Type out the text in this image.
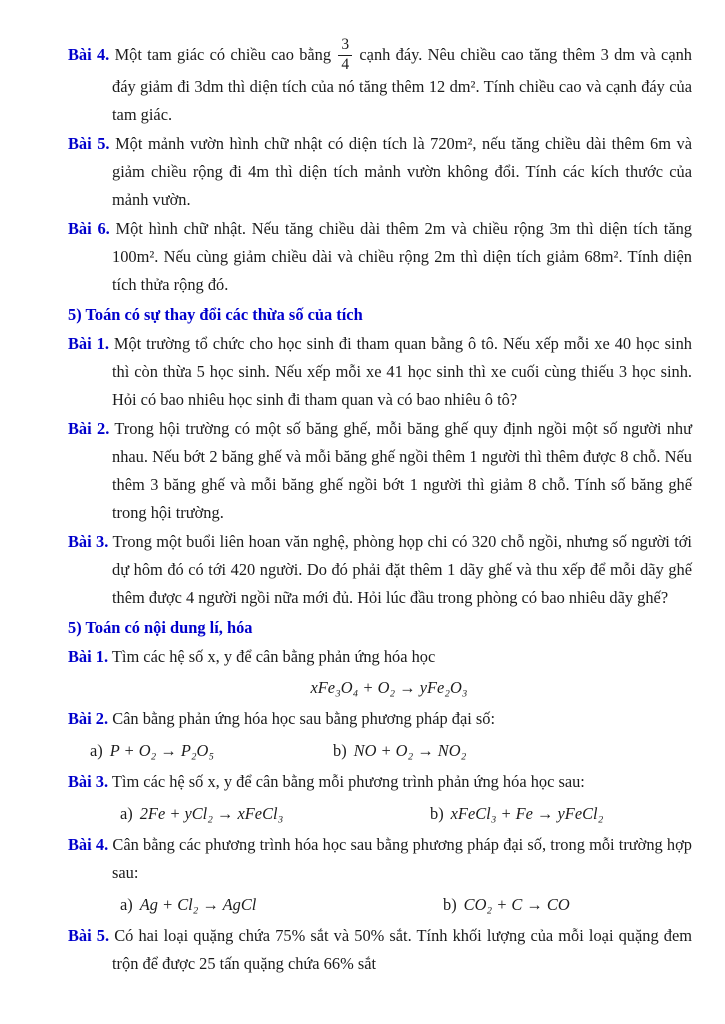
Bài 4. Một tam giác có chiều cao bằng $\frac{3}{4}$ cạnh đáy. Nêu chiều cao tăng thêm 3 dm và cạnh đáy giảm đi 3dm thì diện tích của nó tăng thêm 12 dm². Tính chiều cao và cạnh đáy của tam giác.

Bài 5. Một mảnh vườn hình chữ nhật có diện tích là 720m², nếu tăng chiều dài thêm 6m và giảm chiều rộng đi 4m thì diện tích mảnh vườn không đổi. Tính các kích thước của mảnh vườn.

Bài 6. Một hình chữ nhật. Nếu tăng chiều dài thêm 2m và chiều rộng 3m thì diện tích tăng 100m². Nếu cùng giảm chiều dài và chiều rộng 2m thì diện tích giảm 68m². Tính diện tích thửa rộng đó.

5) Toán có sự thay đổi các thừa số của tích

Bài 1. Một trường tổ chức cho học sinh đi tham quan bằng ô tô. Nếu xếp mỗi xe 40 học sinh thì còn thừa 5 học sinh. Nếu xếp mỗi xe 41 học sinh thì xe cuối cùng thiếu 3 học sinh. Hỏi có bao nhiêu học sinh đi tham quan và có bao nhiêu ô tô?

Bài 2. Trong hội trường có một số băng ghế, mỗi băng ghế quy định ngồi một số người như nhau. Nếu bớt 2 băng ghế và mỗi băng ghế ngồi thêm 1 người thì thêm được 8 chỗ. Nếu thêm 3 băng ghế và mỗi băng ghế ngồi bớt 1 người thì giảm 8 chỗ. Tính số băng ghế trong hội trường.

Bài 3. Trong một buổi liên hoan văn nghệ, phòng họp chi có 320 chỗ ngồi, nhưng số người tới dự hôm đó có tới 420 người. Do đó phải đặt thêm 1 dãy ghế và thu xếp để mỗi dãy ghế thêm được 4 người ngồi nữa mới đủ. Hỏi lúc đầu trong phòng có bao nhiêu dãy ghế?

5) Toán có nội dung lí, hóa

Bài 1. Tìm các hệ số x, y để cân bằng phản ứng hóa học

xFe₃O₄ + O₂ → yFe₂O₃

Bài 2. Cân bằng phản ứng hóa học sau bằng phương pháp đại số:

a) P + O₂ → P₂O₅	b) NO + O₂ → NO₂

Bài 3. Tìm các hệ số x, y để cân bằng mỗi phương trình phản ứng hóa học sau:

a) 2Fe + yCl₂ → xFeCl₃	b) xFeCl₃ + Fe → yFeCl₂

Bài 4. Cân bằng các phương trình hóa học sau bằng phương pháp đại số, trong mỗi trường hợp sau:

a) Ag + Cl₂ → AgCl	b) CO₂ + C → CO

Bài 5. Có hai loại quặng chứa 75% sắt và 50% sắt. Tính khối lượng của mỗi loại quặng đem trộn để được 25 tấn quặng chứa 66% sắt
